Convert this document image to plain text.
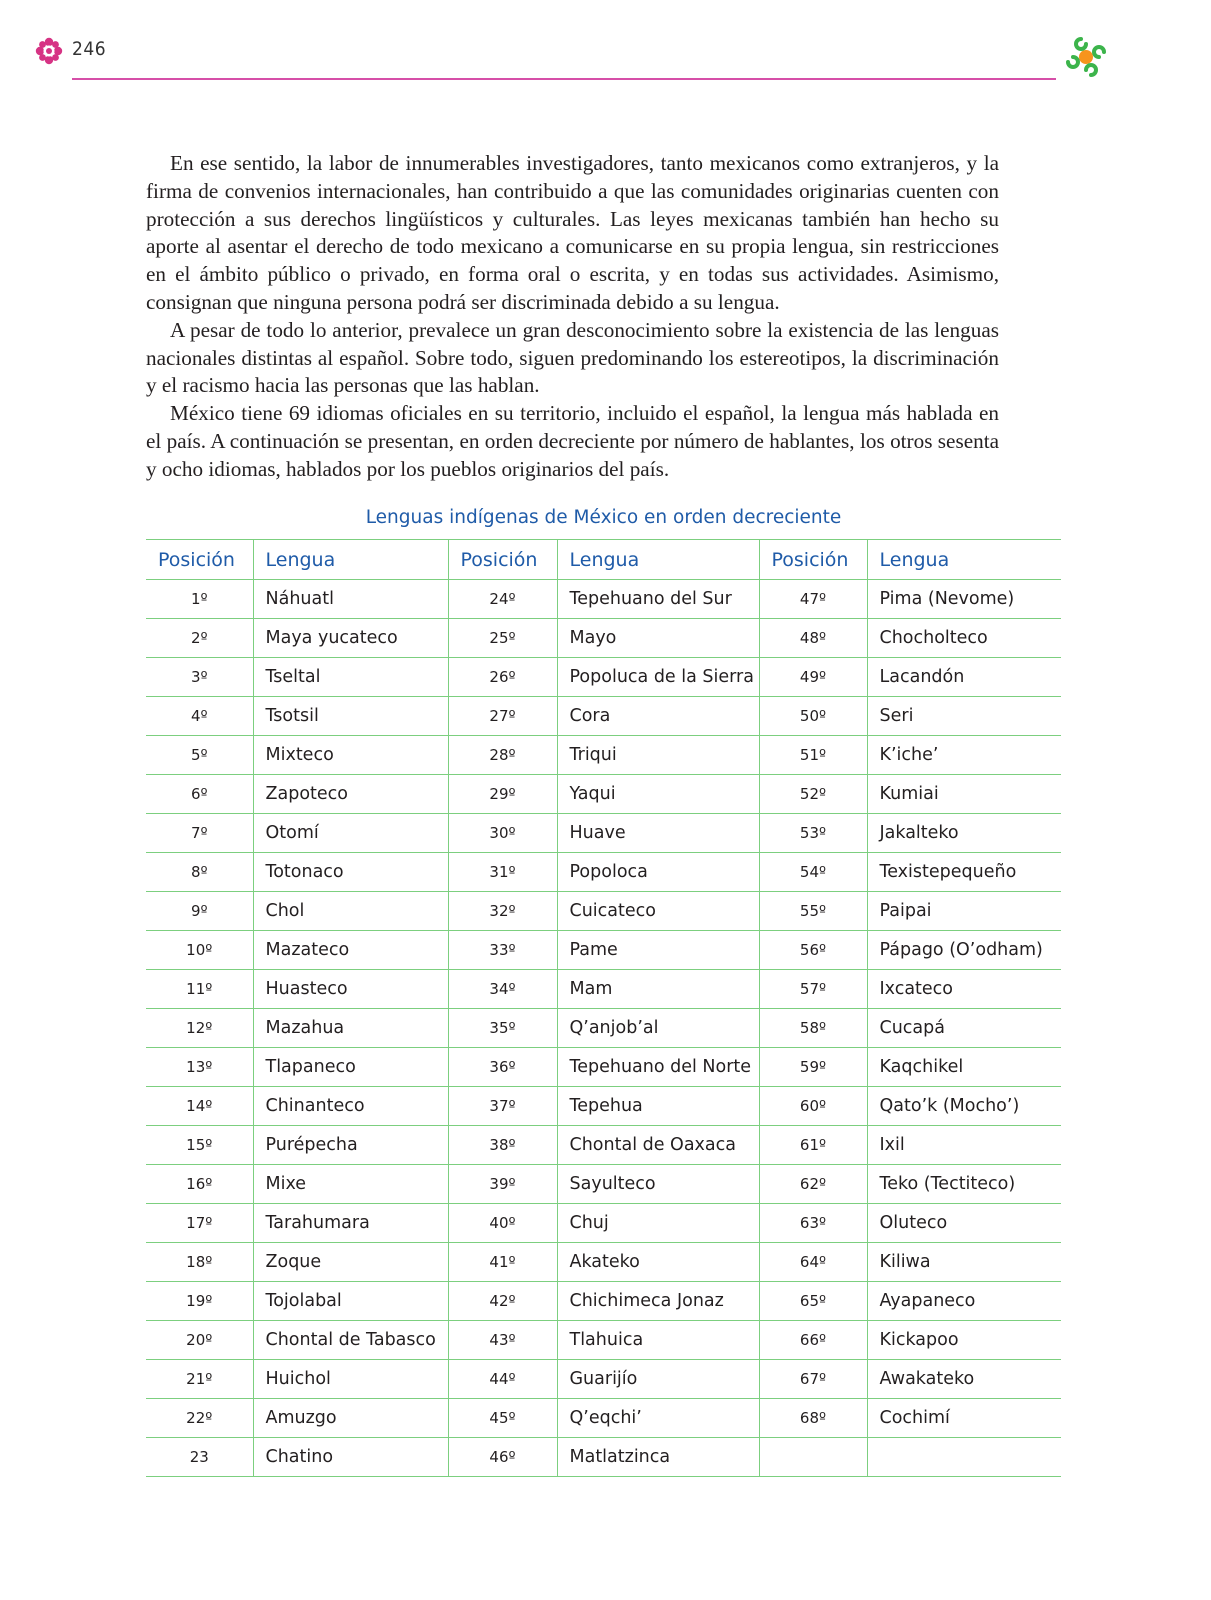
246

En ese sentido, la labor de innumerables investigadores, tanto mexicanos como extranjeros, y la firma de convenios internacionales, han contribuido a que las comunidades originarias cuenten con protección a sus derechos lingüísticos y culturales. Las leyes mexicanas también han hecho su aporte al asentar el derecho de todo mexicano a comunicarse en su propia lengua, sin restricciones en el ámbito público o privado, en forma oral o escrita, y en todas sus actividades. Asimismo, consignan que ninguna persona podrá ser discriminada debido a su lengua.

A pesar de todo lo anterior, prevalece un gran desconocimiento sobre la existencia de las lenguas nacionales distintas al español. Sobre todo, siguen predominando los estereotipos, la discriminación y el racismo hacia las personas que las hablan.

México tiene 69 idiomas oficiales en su territorio, incluido el español, la lengua más hablada en el país. A continuación se presentan, en orden decreciente por número de hablantes, los otros sesenta y ocho idiomas, hablados por los pueblos originarios del país.

Lenguas indígenas de México en orden decreciente
Posición	Lengua	Posición	Lengua	Posición	Lengua
1º	Náhuatl	24º	Tepehuano del Sur	47º	Pima (Nevome)
2º	Maya yucateco	25º	Mayo	48º	Chocholteco
3º	Tseltal	26º	Popoluca de la Sierra	49º	Lacandón
4º	Tsotsil	27º	Cora	50º	Seri
5º	Mixteco	28º	Triqui	51º	K’iche’
6º	Zapoteco	29º	Yaqui	52º	Kumiai
7º	Otomí	30º	Huave	53º	Jakalteko
8º	Totonaco	31º	Popoloca	54º	Texistepequeño
9º	Chol	32º	Cuicateco	55º	Paipai
10º	Mazateco	33º	Pame	56º	Pápago (O’odham)
11º	Huasteco	34º	Mam	57º	Ixcateco
12º	Mazahua	35º	Q’anjob’al	58º	Cucapá
13º	Tlapaneco	36º	Tepehuano del Norte	59º	Kaqchikel
14º	Chinanteco	37º	Tepehua	60º	Qato’k (Mocho’)
15º	Purépecha	38º	Chontal de Oaxaca	61º	Ixil
16º	Mixe	39º	Sayulteco	62º	Teko (Tectiteco)
17º	Tarahumara	40º	Chuj	63º	Oluteco
18º	Zoque	41º	Akateko	64º	Kiliwa
19º	Tojolabal	42º	Chichimeca Jonaz	65º	Ayapaneco
20º	Chontal de Tabasco	43º	Tlahuica	66º	Kickapoo
21º	Huichol	44º	Guarijío	67º	Awakateko
22º	Amuzgo	45º	Q’eqchi’	68º	Cochimí
23	Chatino	46º	Matlatzinca		
